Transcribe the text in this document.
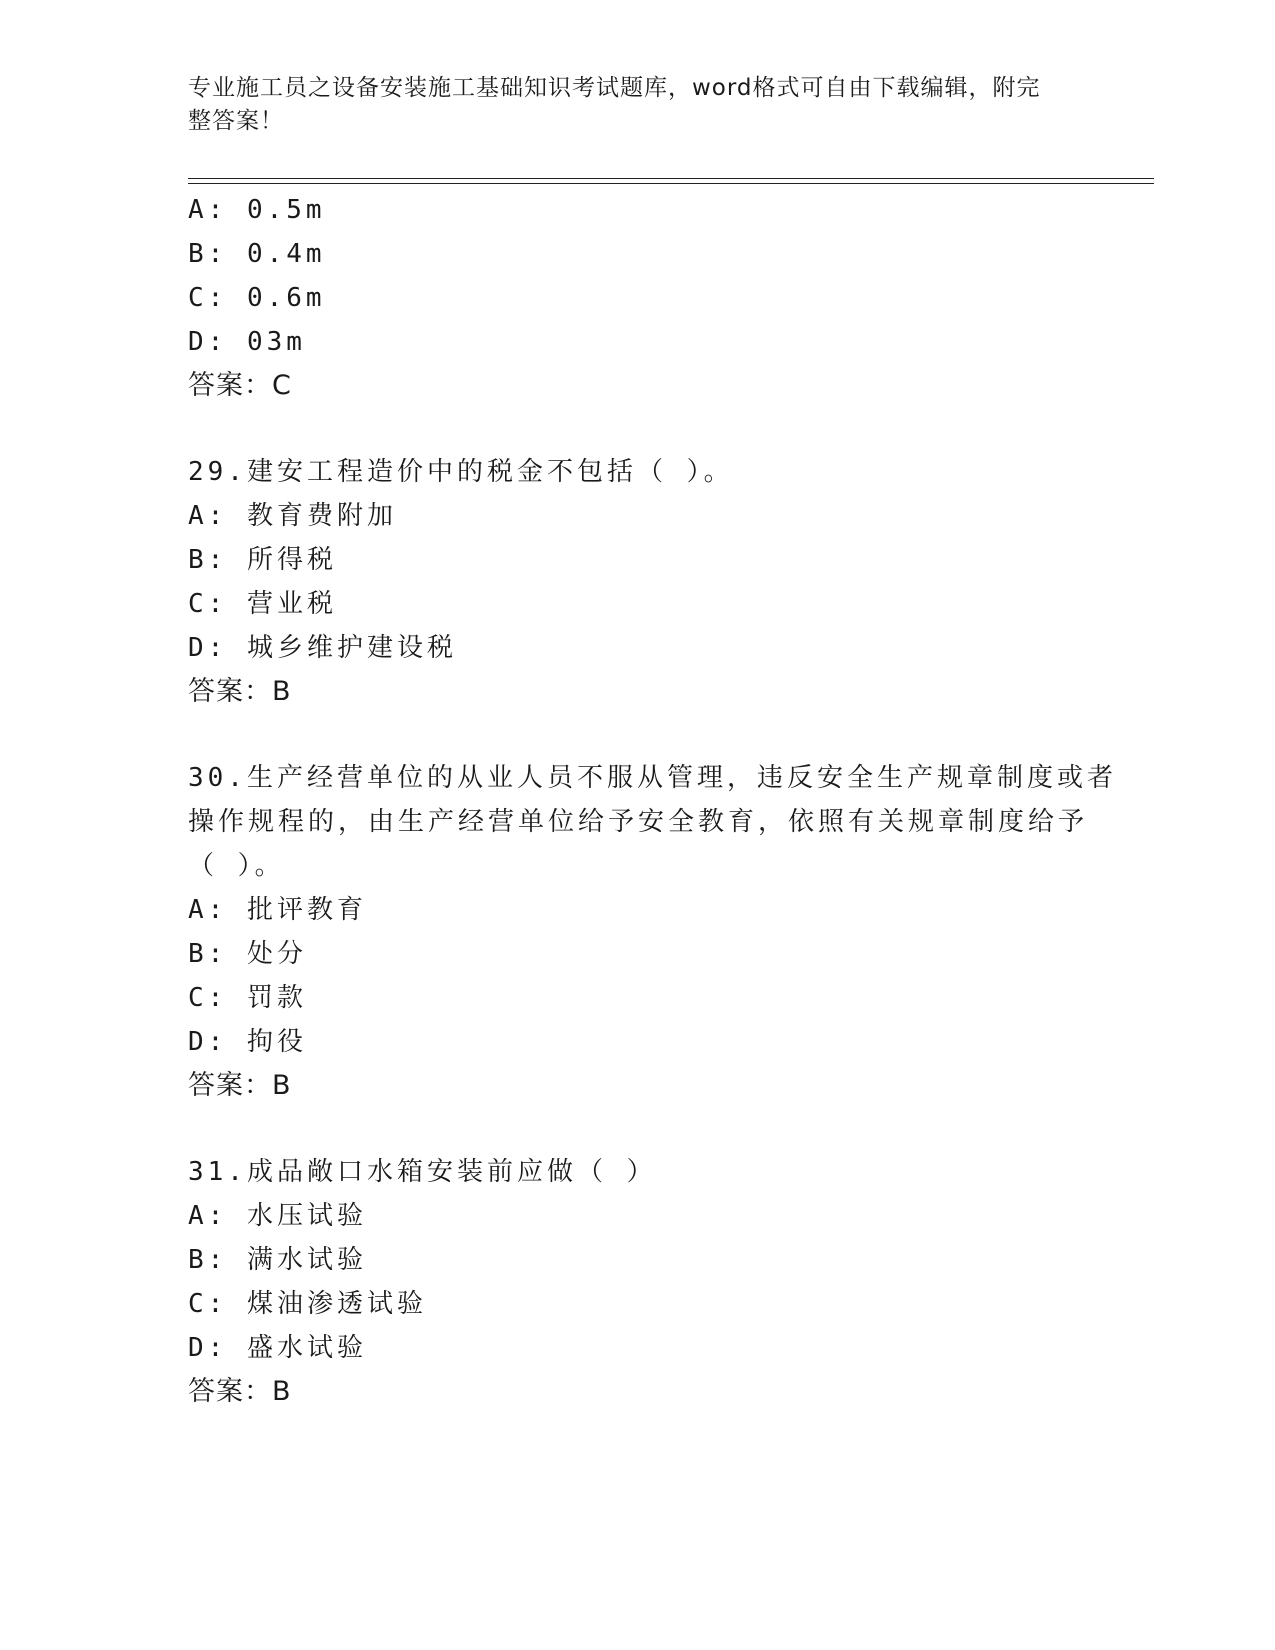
专业施工员之设备安装施工基础知识考试题库，word格式可自由下载编辑，附完
整答案！
A: 0.5m
B: 0.4m
C: 0.6m
D: 03m
答案：C
29.建安工程造价中的税金不包括（ ）。
A: 教育费附加
B: 所得税
C: 营业税
D: 城乡维护建设税
答案：B
30.生产经营单位的从业人员不服从管理，违反安全生产规章制度或者
操作规程的，由生产经营单位给予安全教育，依照有关规章制度给予
（ ）。
A: 批评教育
B: 处分
C: 罚款
D: 拘役
答案：B
31.成品敞口水箱安装前应做（ ）
A: 水压试验
B: 满水试验
C: 煤油渗透试验
D: 盛水试验
答案：B
